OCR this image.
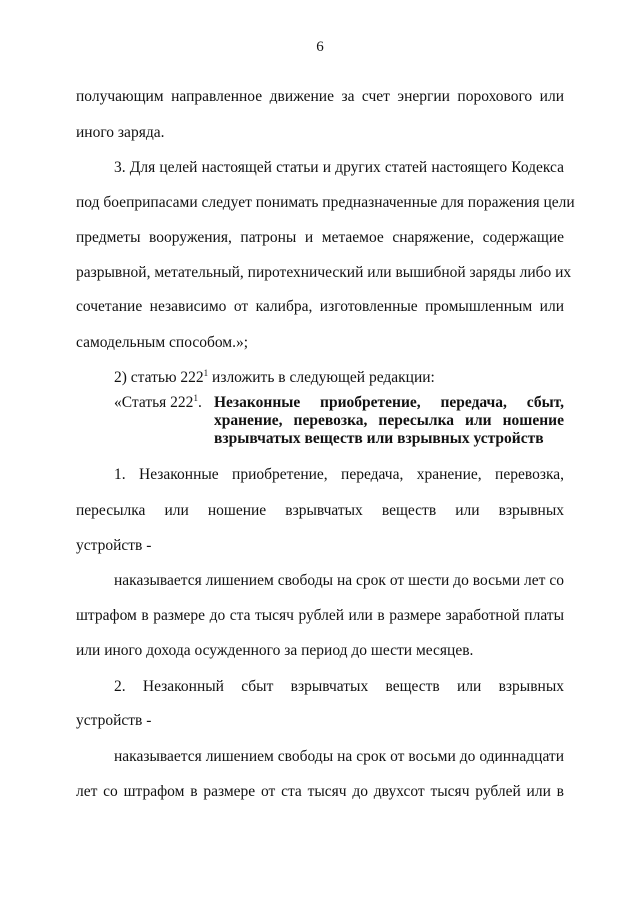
6
получающим направленное движение за счет энергии порохового или
иного заряда.
3. Для целей настоящей статьи и других статей настоящего Кодекса
под боеприпасами следует понимать предназначенные для поражения цели
предметы вооружения, патроны и метаемое снаряжение, содержащие
разрывной, метательный, пиротехнический или вышибной заряды либо их
сочетание независимо от калибра, изготовленные промышленным или
самодельным способом.»;
2) статью $222^1$ изложить в следующей редакции:
«Статья $222^1$. Незаконные приобретение, передача, сбыт, хранение, перевозка, пересылка или ношение взрывчатых веществ или взрывных устройств
1. Незаконные приобретение, передача, хранение, перевозка,
пересылка или ношение взрывчатых веществ или взрывных
устройств -
наказывается лишением свободы на срок от шести до восьми лет со
штрафом в размере до ста тысяч рублей или в размере заработной платы
или иного дохода осужденного за период до шести месяцев.
2. Незаконный сбыт взрывчатых веществ или взрывных
устройств -
наказывается лишением свободы на срок от восьми до одиннадцати
лет со штрафом в размере от ста тысяч до двухсот тысяч рублей или в
